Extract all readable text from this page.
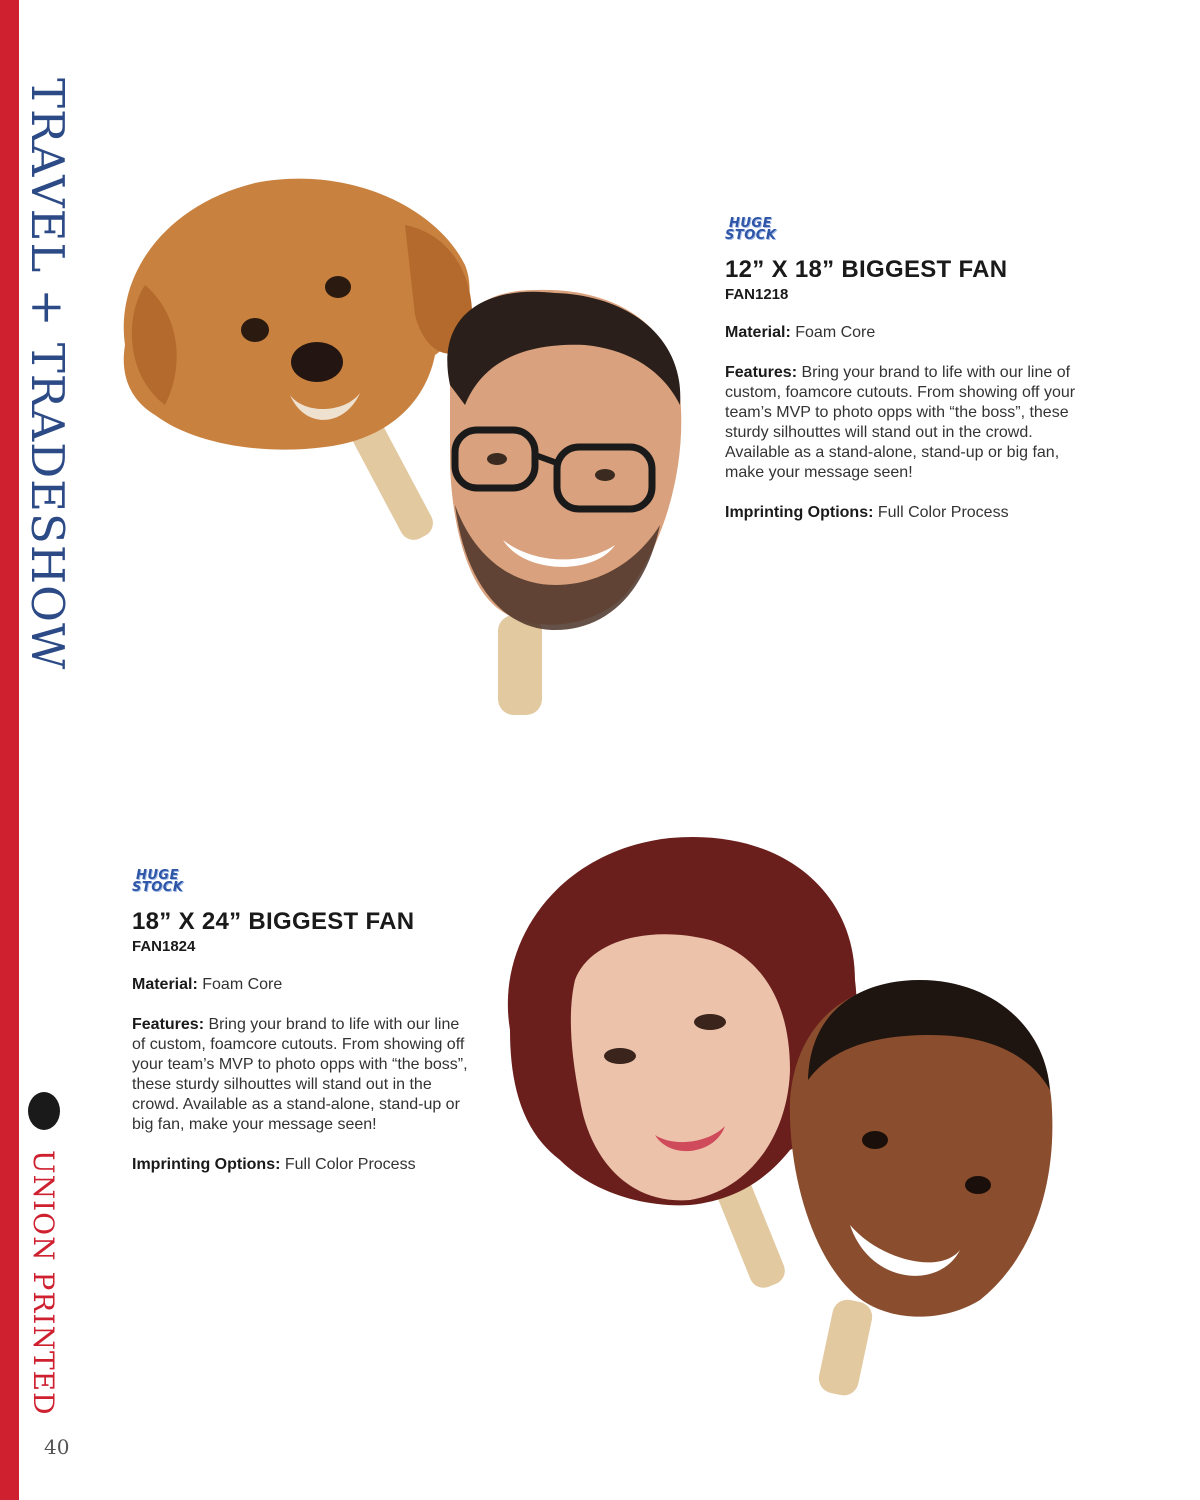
TRAVEL + TRADESHOW
UNION PRINTED
40
HUGE
STOCK
12” X 18” BIGGEST FAN
FAN1218
Material: Foam Core
Features: Bring your brand to life with our line of custom, foamcore cutouts. From showing off your team’s MVP to photo opps with “the boss”, these sturdy silhouttes will stand out in the crowd. Available as a stand-alone, stand-up or big fan, make your message seen!
Imprinting Options: Full Color Process
HUGE
STOCK
18” X 24” BIGGEST FAN
FAN1824
Material: Foam Core
Features: Bring your brand to life with our line of custom, foamcore cutouts. From showing off your team’s MVP to photo opps with “the boss”, these sturdy silhouttes will stand out in the crowd. Available as a stand-alone, stand-up or big fan, make your message seen!
Imprinting Options: Full Color Process
